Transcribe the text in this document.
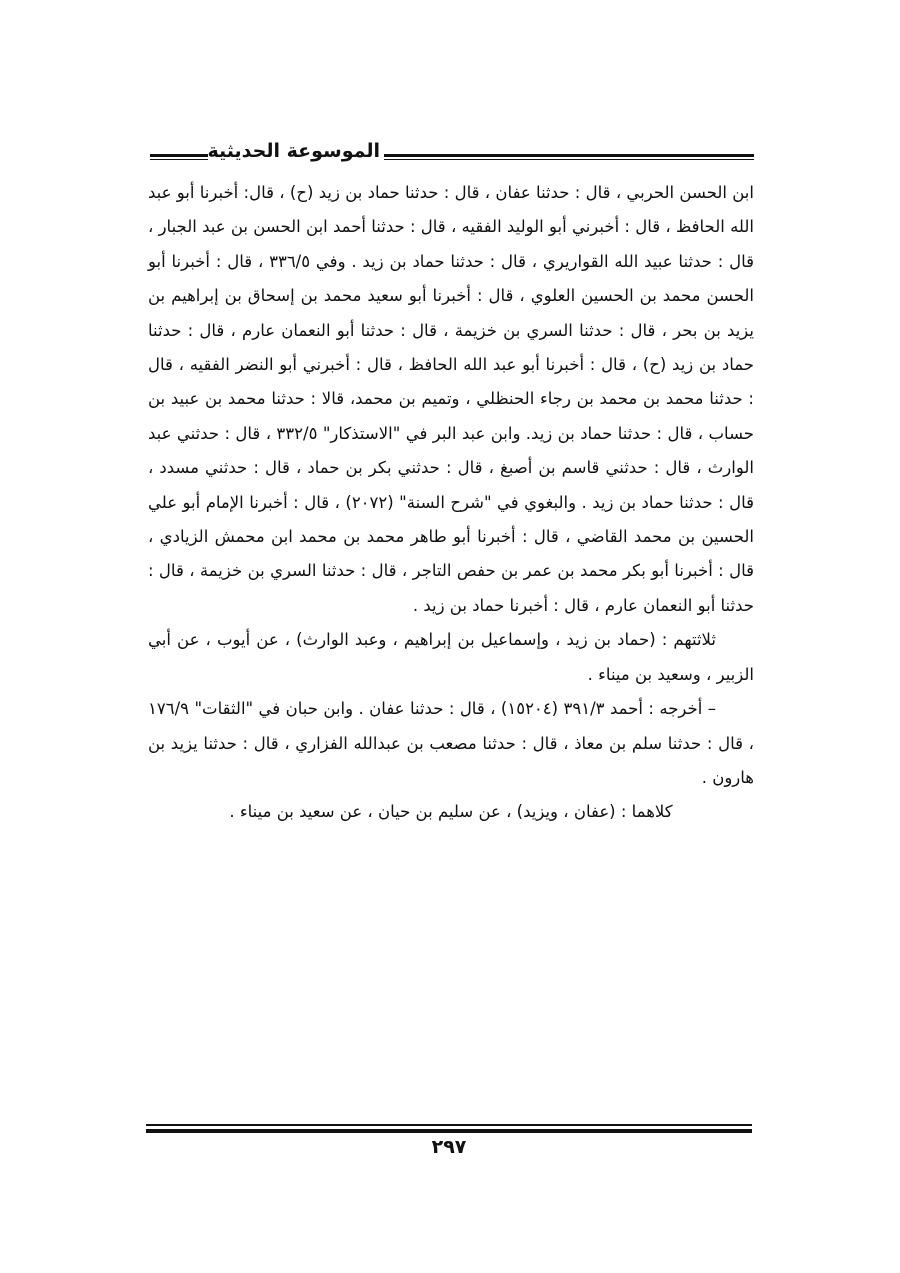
الموسوعة الحديثية

ابن الحسن الحربي ، قال : حدثنا عفان ، قال : حدثنا حماد بن زيد (ح) ، قال: أخبرنا أبو عبد الله الحافظ ، قال : أخبرني أبو الوليد الفقيه ، قال : حدثنا أحمد ابن الحسن بن عبد الجبار ، قال : حدثنا عبيد الله القواريري ، قال : حدثنا حماد بن زيد . وفي ٣٣٦/٥ ، قال : أخبرنا أبو الحسن محمد بن الحسين العلوي ، قال : أخبرنا أبو سعيد محمد بن إسحاق بن إبراهيم بن يزيد بن بحر ، قال : حدثنا السري بن خزيمة ، قال : حدثنا أبو النعمان عارم ، قال : حدثنا حماد بن زيد (ح) ، قال : أخبرنا أبو عبد الله الحافظ ، قال : أخبرني أبو النضر الفقيه ، قال : حدثنا محمد بن محمد بن رجاء الحنظلي ، وتميم بن محمد، قالا : حدثنا محمد بن عبيد بن حساب ، قال : حدثنا حماد بن زيد. وابن عبد البر في "الاستذكار" ٣٣٢/٥ ، قال : حدثني عبد الوارث ، قال : حدثني قاسم بن أصبغ ، قال : حدثني بكر بن حماد ، قال : حدثني مسدد ، قال : حدثنا حماد بن زيد . والبغوي في "شرح السنة" (٢٠٧٢) ، قال : أخبرنا الإمام أبو علي الحسين بن محمد القاضي ، قال : أخبرنا أبو طاهر محمد بن محمد ابن محمش الزيادي ، قال : أخبرنا أبو بكر محمد بن عمر بن حفص التاجر ، قال : حدثنا السري بن خزيمة ، قال : حدثنا أبو النعمان عارم ، قال : أخبرنا حماد بن زيد .

ثلاثتهم : (حماد بن زيد ، وإسماعيل بن إبراهيم ، وعبد الوارث) ، عن أيوب ، عن أبي الزبير ، وسعيد بن ميناء .

– أخرجه : أحمد ٣٩١/٣ (١٥٢٠٤) ، قال : حدثنا عفان . وابن حبان في "الثقات" ١٧٦/٩ ، قال : حدثنا سلم بن معاذ ، قال : حدثنا مصعب بن عبدالله الفزاري ، قال : حدثنا يزيد بن هارون .

كلاهما : (عفان ، ويزيد) ، عن سليم بن حيان ، عن سعيد بن ميناء .

٢٩٧
